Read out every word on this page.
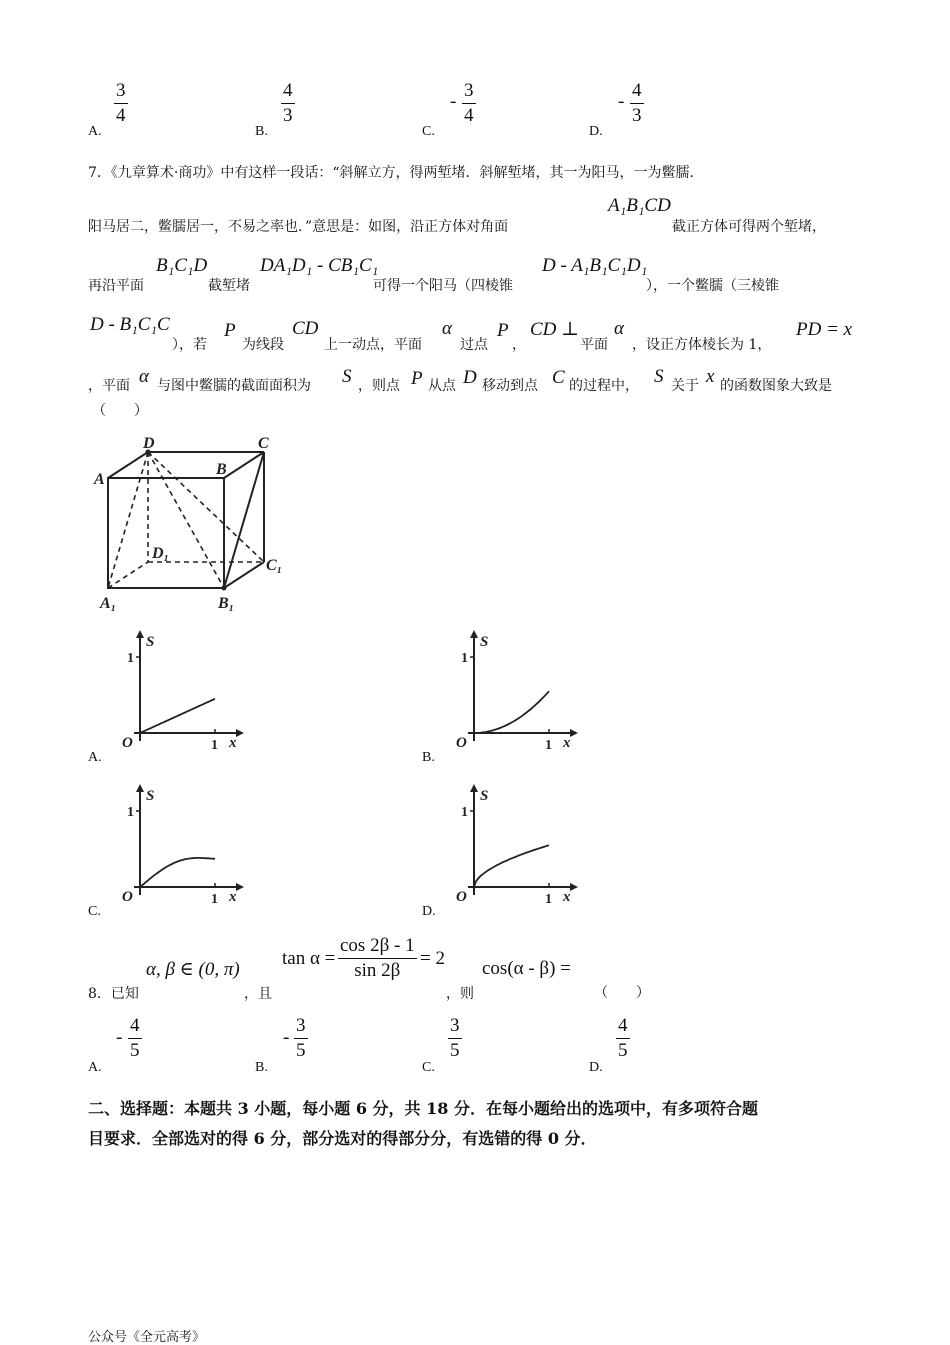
3
4
A.
4
3
B.
-
3
4
C.
-
4
3
D.
7．《九章算术·商功》中有这样一段话：“斜解立方，得两堑堵．斜解堑堵，其一为阳马，一为鳖臑．
阳马居二，鳖臑居一，不易之率也．”意思是：如图，沿正方体对角面
A₁B₁CD
截正方体可得两个堑堵，
再沿平面
B₁C₁D
截堑堵
DA₁D₁ - CB₁C₁
可得一个阳马（四棱锥
D - A₁B₁C₁D₁
），一个鳖臑（三棱锥
D - B₁C₁C
），若
P
为线段
CD
上一动点，平面
α
过点
P
，
CD ⊥
平面
α
，设正方体棱长为 1，
PD = x
，平面 α 与图中鳖臑的截面面积为 S ，则点 P 从点 D 移动到点 C 的过程中， S 关于 x 的函数图象大致是
（　　）
D	C
A
B
D₁
C₁
A₁	B₁
S
1
O	1 x
S
1
O	1 x
S
1
O	1 x
S
1
O	1 x
A.	B.
C.	D.
8．已知
α, β ∈ (0, π)
，且
tan α =
cos 2β - 1
sin 2β
= 2
，则
cos(α - β) =
（　　）
-
4
5
A.
-
3
5
B.
3
5
C.
4
5
D.
二、选择题：本题共 3 小题，每小题 6 分，共 18 分．在每小题给出的选项中，有多项符合题
目要求．全部选对的得 6 分，部分选对的得部分分，有选错的得 0 分．
公众号《全元高考》
